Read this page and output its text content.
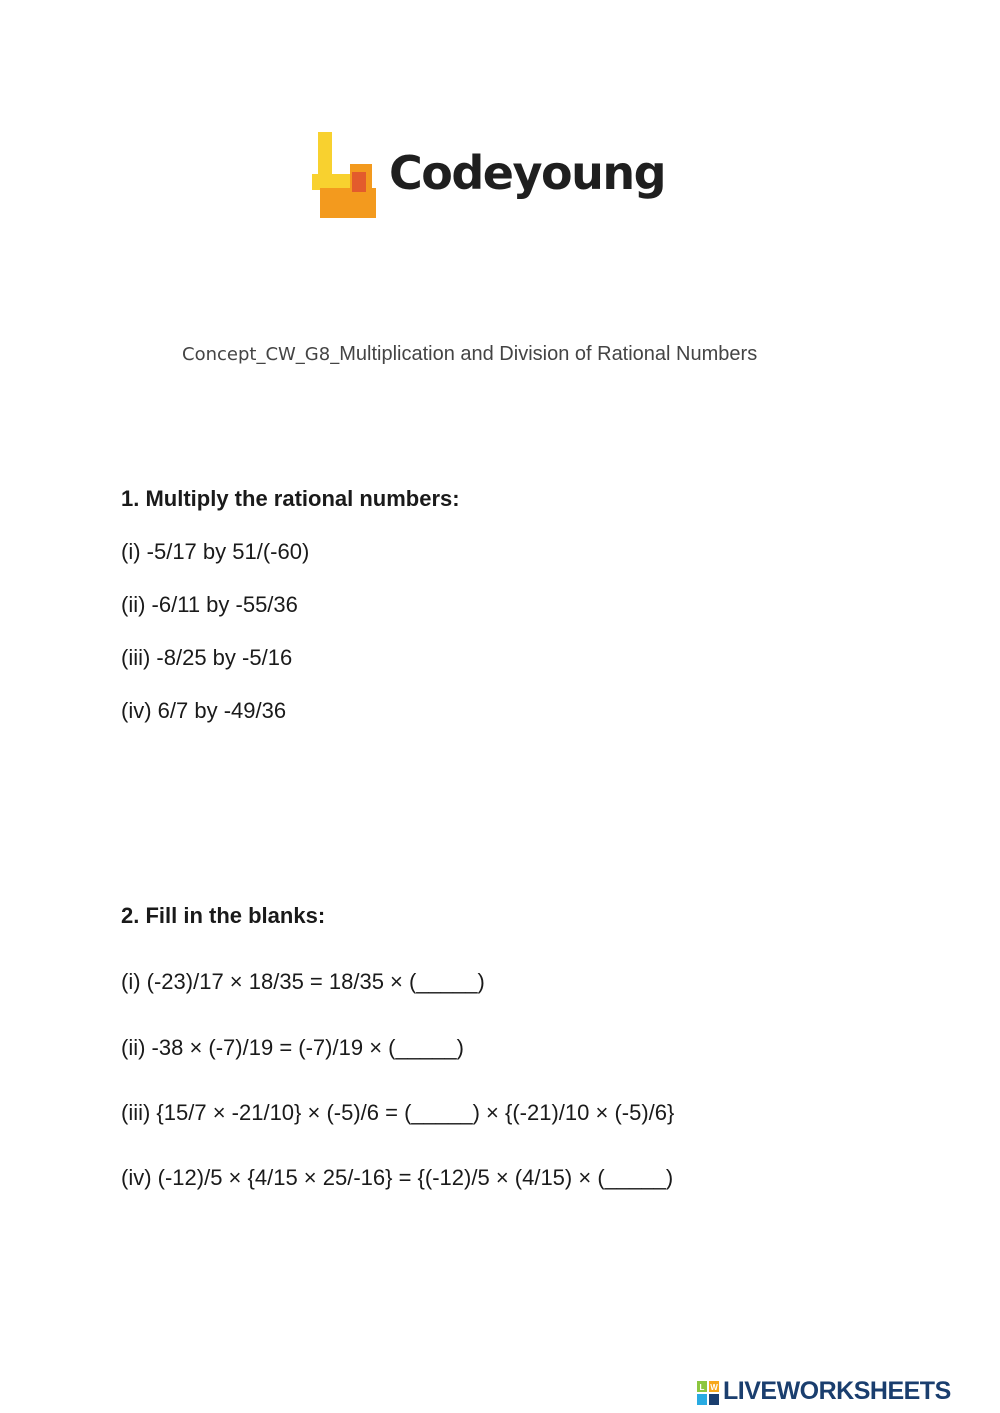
Codeyoung
Concept_CW_G8_Multiplication and Division of Rational Numbers
1. Multiply the rational numbers:
(i) -5/17 by 51/(-60)
(ii) -6/11 by -55/36
(iii) -8/25 by -5/16
(iv) 6/7 by -49/36
2. Fill in the blanks:
(i) (-23)/17 × 18/35 = 18/35 × (_____)
(ii) -38 × (-7)/19 = (-7)/19 × (_____)
(iii) {15/7 × -21/10} × (-5)/6 = (_____) × {(-21)/10 × (-5)/6}
(iv) (-12)/5 × {4/15 × 25/-16} = {(-12)/5 × (4/15) × (_____)
L W LIVEWORKSHEETS
